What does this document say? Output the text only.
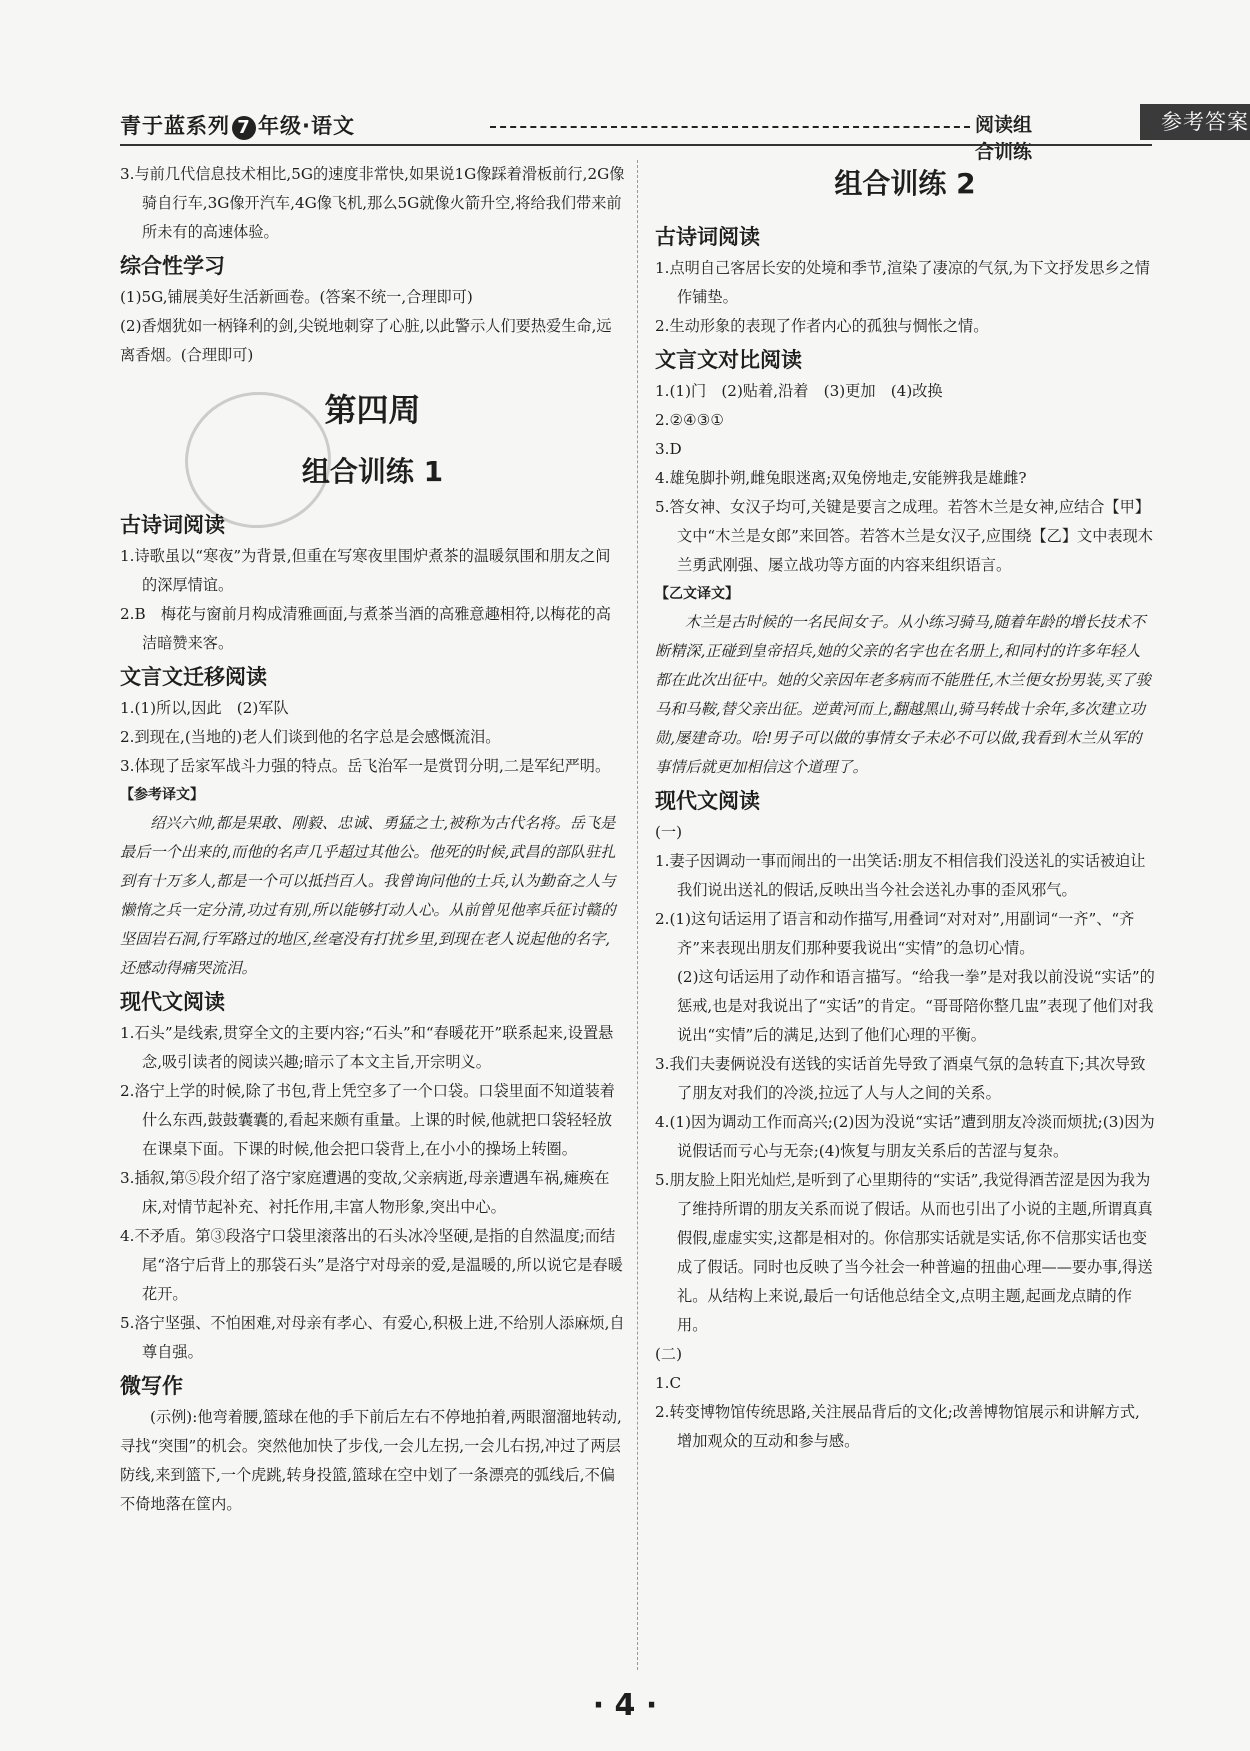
青于蓝系列 7 年级·语文	阅读组合训练
参考答案
3.与前几代信息技术相比,5G的速度非常快,如果说1G像踩着滑板前行,2G像骑自行车,3G像开汽车,4G像飞机,那么5G就像火箭升空,将给我们带来前所未有的高速体验。
综合性学习
(1)5G,铺展美好生活新画卷。(答案不统一,合理即可)
(2)香烟犹如一柄锋利的剑,尖锐地刺穿了心脏,以此警示人们要热爱生命,远离香烟。(合理即可)
第四周
组合训练 1
古诗词阅读
1.诗歌虽以“寒夜”为背景,但重在写寒夜里围炉煮茶的温暖氛围和朋友之间的深厚情谊。
2.B　梅花与窗前月构成清雅画面,与煮茶当酒的高雅意趣相符,以梅花的高洁暗赞来客。
文言文迁移阅读
1.(1)所以,因此　(2)军队
2.到现在,(当地的)老人们谈到他的名字总是会感慨流泪。
3.体现了岳家军战斗力强的特点。岳飞治军一是赏罚分明,二是军纪严明。
【参考译文】
绍兴六帅,都是果敢、刚毅、忠诚、勇猛之士,被称为古代名将。岳飞是最后一个出来的,而他的名声几乎超过其他公。他死的时候,武昌的部队驻扎到有十万多人,都是一个可以抵挡百人。我曾询问他的士兵,认为勤奋之人与懒惰之兵一定分清,功过有别,所以能够打动人心。从前曾见他率兵征讨赣的坚固岩石洞,行军路过的地区,丝毫没有打扰乡里,到现在老人说起他的名字,还感动得痛哭流泪。
现代文阅读
1.石头”是线索,贯穿全文的主要内容;“石头”和“春暖花开”联系起来,设置悬念,吸引读者的阅读兴趣;暗示了本文主旨,开宗明义。
2.洛宁上学的时候,除了书包,背上凭空多了一个口袋。口袋里面不知道装着什么东西,鼓鼓囊囊的,看起来颇有重量。上课的时候,他就把口袋轻轻放在课桌下面。下课的时候,他会把口袋背上,在小小的操场上转圈。
3.插叙,第⑤段介绍了洛宁家庭遭遇的变故,父亲病逝,母亲遭遇车祸,瘫痪在床,对情节起补充、衬托作用,丰富人物形象,突出中心。
4.不矛盾。第③段洛宁口袋里滚落出的石头冰冷坚硬,是指的自然温度;而结尾“洛宁后背上的那袋石头”是洛宁对母亲的爱,是温暖的,所以说它是春暖花开。
5.洛宁坚强、不怕困难,对母亲有孝心、有爱心,积极上进,不给别人添麻烦,自尊自强。
微写作
(示例):他弯着腰,篮球在他的手下前后左右不停地拍着,两眼溜溜地转动,寻找“突围”的机会。突然他加快了步伐,一会儿左拐,一会儿右拐,冲过了两层防线,来到篮下,一个虎跳,转身投篮,篮球在空中划了一条漂亮的弧线后,不偏不倚地落在筐内。
组合训练 2
古诗词阅读
1.点明自己客居长安的处境和季节,渲染了凄凉的气氛,为下文抒发思乡之情作铺垫。
2.生动形象的表现了作者内心的孤独与惆怅之情。
文言文对比阅读
1.(1)门　(2)贴着,沿着　(3)更加　(4)改换
2.②④③①
3.D
4.雄兔脚扑朔,雌兔眼迷离;双兔傍地走,安能辨我是雄雌?
5.答女神、女汉子均可,关键是要言之成理。若答木兰是女神,应结合【甲】文中“木兰是女郎”来回答。若答木兰是女汉子,应围绕【乙】文中表现木兰勇武刚强、屡立战功等方面的内容来组织语言。
【乙文译文】
木兰是古时候的一名民间女子。从小练习骑马,随着年龄的增长技术不断精深,正碰到皇帝招兵,她的父亲的名字也在名册上,和同村的许多年轻人都在此次出征中。她的父亲因年老多病而不能胜任,木兰便女扮男装,买了骏马和马鞍,替父亲出征。逆黄河而上,翻越黑山,骑马转战十余年,多次建立功勋,屡建奇功。哈!男子可以做的事情女子未必不可以做,我看到木兰从军的事情后就更加相信这个道理了。
现代文阅读
(一)
1.妻子因调动一事而闹出的一出笑话:朋友不相信我们没送礼的实话被迫让我们说出送礼的假话,反映出当今社会送礼办事的歪风邪气。
2.(1)这句话运用了语言和动作描写,用叠词“对对对”,用副词“一齐”、“齐齐”来表现出朋友们那种要我说出“实情”的急切心情。
(2)这句话运用了动作和语言描写。“给我一拳”是对我以前没说“实话”的惩戒,也是对我说出了“实话”的肯定。“哥哥陪你整几盅”表现了他们对我说出“实情”后的满足,达到了他们心理的平衡。
3.我们夫妻俩说没有送钱的实话首先导致了酒桌气氛的急转直下;其次导致了朋友对我们的冷淡,拉远了人与人之间的关系。
4.(1)因为调动工作而高兴;(2)因为没说“实话”遭到朋友冷淡而烦扰;(3)因为说假话而亏心与无奈;(4)恢复与朋友关系后的苦涩与复杂。
5.朋友脸上阳光灿烂,是听到了心里期待的“实话”,我觉得酒苦涩是因为我为了维持所谓的朋友关系而说了假话。从而也引出了小说的主题,所谓真真假假,虚虚实实,这都是相对的。你信那实话就是实话,你不信那实话也变成了假话。同时也反映了当今社会一种普遍的扭曲心理——要办事,得送礼。从结构上来说,最后一句话他总结全文,点明主题,起画龙点睛的作用。
(二)
1.C
2.转变博物馆传统思路,关注展品背后的文化;改善博物馆展示和讲解方式,增加观众的互动和参与感。
· 4 ·
